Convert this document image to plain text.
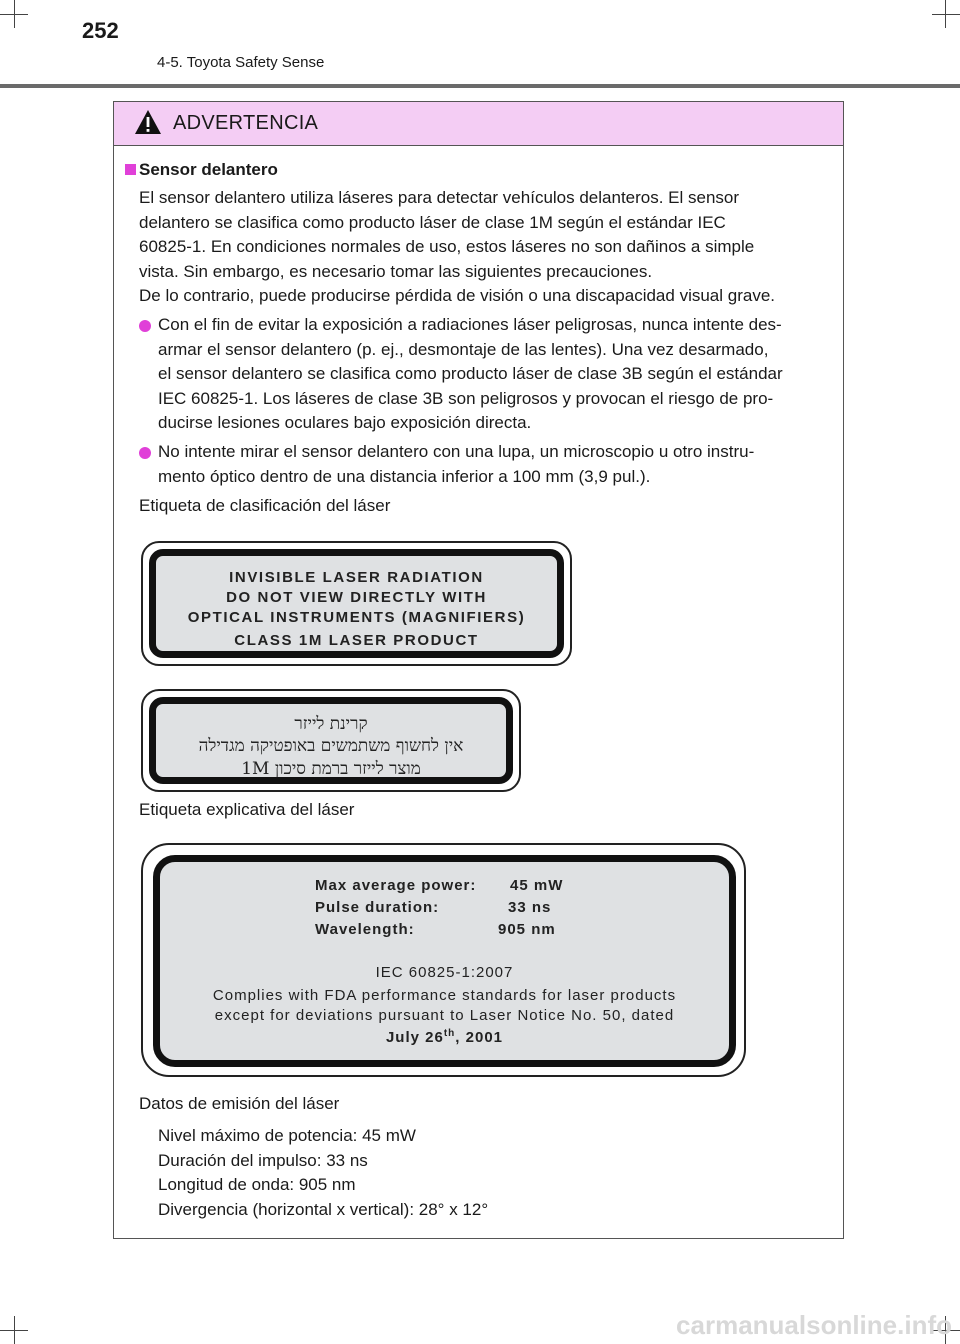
252
4-5. Toyota Safety Sense
ADVERTENCIA
Sensor delantero
El sensor delantero utiliza láseres para detectar vehículos delanteros. El sensor
delantero se clasifica como producto láser de clase 1M según el estándar IEC
60825-1. En condiciones normales de uso, estos láseres no son dañinos a simple
vista. Sin embargo, es necesario tomar las siguientes precauciones.
De lo contrario, puede producirse pérdida de visión o una discapacidad visual grave.
Con el fin de evitar la exposición a radiaciones láser peligrosas, nunca intente des-
armar el sensor delantero (p. ej., desmontaje de las lentes). Una vez desarmado,
el sensor delantero se clasifica como producto láser de clase 3B según el estándar
IEC 60825-1. Los láseres de clase 3B son peligrosos y provocan el riesgo de pro-
ducirse lesiones oculares bajo exposición directa.
No intente mirar el sensor delantero con una lupa, un microscopio u otro instru-
mento óptico dentro de una distancia inferior a 100 mm (3,9 pul.).
Etiqueta de clasificación del láser
INVISIBLE LASER RADIATION
DO NOT VIEW DIRECTLY WITH
OPTICAL INSTRUMENTS (MAGNIFIERS)
CLASS 1M LASER PRODUCT
קרינת לייזר
אין לחשוף משתמשים באופטיקה מגדילה
מוצר לייזר ברמת סיכון 1M
Etiqueta explicativa del láser
Max average power: 45 mW
Pulse duration:	33 ns
Wavelength:	905 nm
IEC 60825-1:2007
Complies with FDA performance standards for laser products
except for deviations pursuant to Laser Notice No. 50, dated
July 26th, 2001
Datos de emisión del láser
Nivel máximo de potencia: 45 mW
Duración del impulso: 33 ns
Longitud de onda: 905 nm
Divergencia (horizontal x vertical): 28° x 12°
carmanualsonline.info
